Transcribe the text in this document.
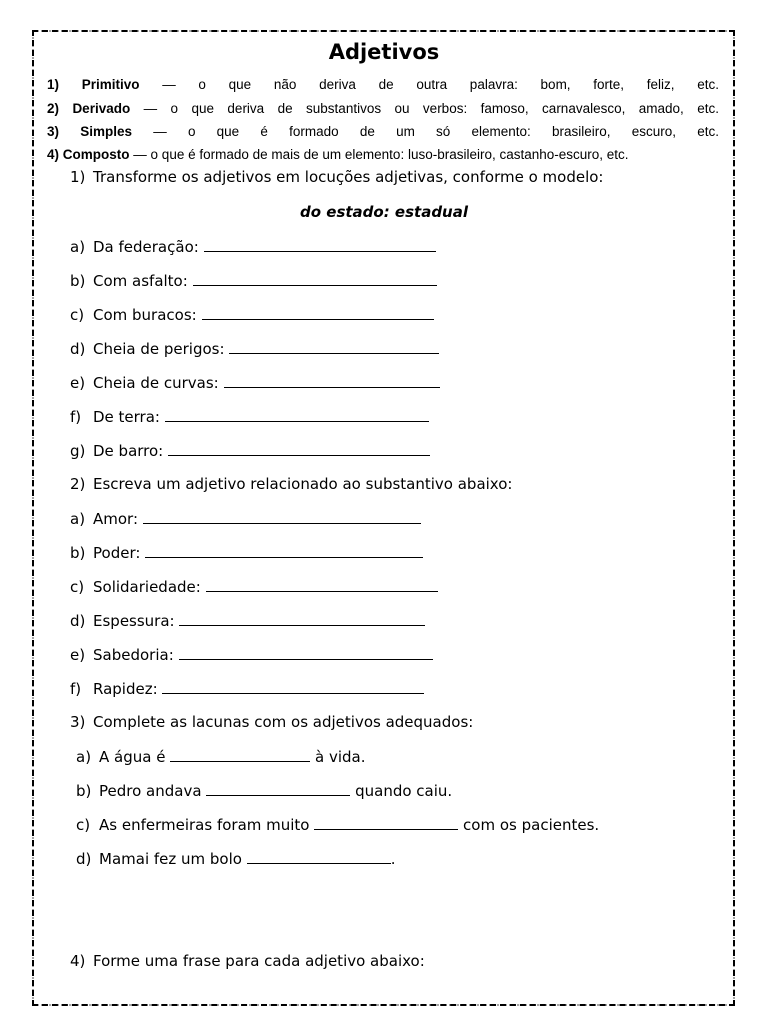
Adjetivos
1) Primitivo — o que não deriva de outra palavra: bom, forte, feliz, etc.
2) Derivado — o que deriva de substantivos ou verbos: famoso, carnavalesco, amado, etc.
3) Simples — o que é formado de um só elemento: brasileiro, escuro, etc.
4) Composto — o que é formado de mais de um elemento: luso-brasileiro, castanho-escuro, etc.
1) Transforme os adjetivos em locuções adjetivas, conforme o modelo:
do estado: estadual
a) Da federação:
b) Com asfalto:
c) Com buracos:
d) Cheia de perigos:
e) Cheia de curvas:
f) De terra:
g) De barro:
2) Escreva um adjetivo relacionado ao substantivo abaixo:
a) Amor:
b) Poder:
c) Solidariedade:
d) Espessura:
e) Sabedoria:
f) Rapidez:
3) Complete as lacunas com os adjetivos adequados:
a) A água é	à vida.
b) Pedro andava	quando caiu.
c) As enfermeiras foram muito	com os pacientes.
d) Mamai fez um bolo	.
4) Forme uma frase para cada adjetivo abaixo:
